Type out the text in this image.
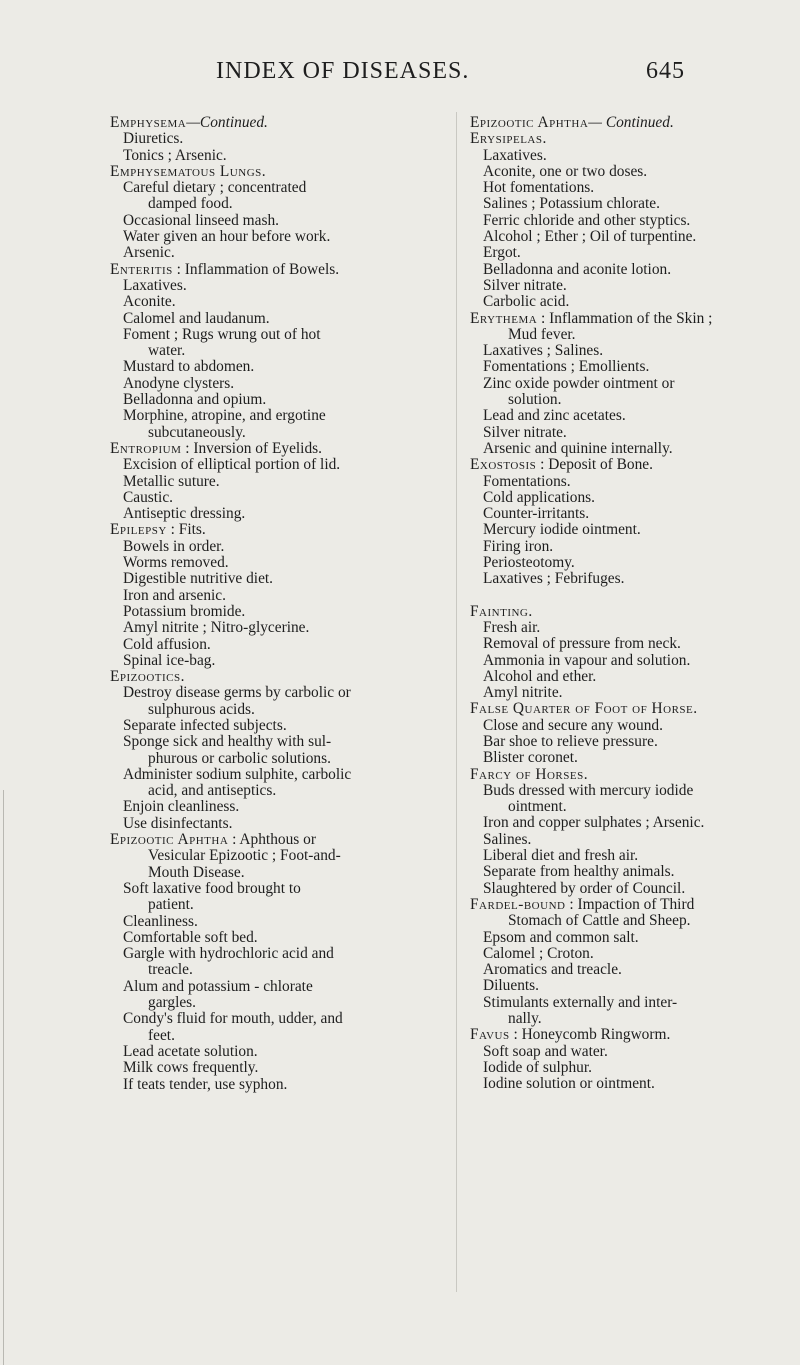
INDEX OF DISEASES.	645
Emphysema—Continued.
Diuretics.
Tonics ; Arsenic.
Emphysematous Lungs.
Careful dietary ; concentrated
damped food.
Occasional linseed mash.
Water given an hour before work.
Arsenic.
Enteritis : Inflammation of Bowels.
Laxatives.
Aconite.
Calomel and laudanum.
Foment ; Rugs wrung out of hot
water.
Mustard to abdomen.
Anodyne clysters.
Belladonna and opium.
Morphine, atropine, and ergotine
subcutaneously.
Entropium : Inversion of Eyelids.
Excision of elliptical portion of lid.
Metallic suture.
Caustic.
Antiseptic dressing.
Epilepsy : Fits.
Bowels in order.
Worms removed.
Digestible nutritive diet.
Iron and arsenic.
Potassium bromide.
Amyl nitrite ; Nitro-glycerine.
Cold affusion.
Spinal ice-bag.
Epizootics.
Destroy disease germs by carbolic or
sulphurous acids.
Separate infected subjects.
Sponge sick and healthy with sul-
phurous or carbolic solutions.
Administer sodium sulphite, carbolic
acid, and antiseptics.
Enjoin cleanliness.
Use disinfectants.
Epizootic Aphtha : Aphthous or
Vesicular Epizootic ; Foot-and-
Mouth Disease.
Soft laxative food brought to
patient.
Cleanliness.
Comfortable soft bed.
Gargle with hydrochloric acid and
treacle.
Alum and potassium - chlorate
gargles.
Condy's fluid for mouth, udder, and
feet.
Lead acetate solution.
Milk cows frequently.
If teats tender, use syphon.
Epizootic Aphtha— Continued.
Erysipelas.
Laxatives.
Aconite, one or two doses.
Hot fomentations.
Salines ; Potassium chlorate.
Ferric chloride and other styptics.
Alcohol ; Ether ; Oil of turpentine.
Ergot.
Belladonna and aconite lotion.
Silver nitrate.
Carbolic acid.
Erythema : Inflammation of the Skin ;
Mud fever.
Laxatives ; Salines.
Fomentations ; Emollients.
Zinc oxide powder ointment or
solution.
Lead and zinc acetates.
Silver nitrate.
Arsenic and quinine internally.
Exostosis : Deposit of Bone.
Fomentations.
Cold applications.
Counter-irritants.
Mercury iodide ointment.
Firing iron.
Periosteotomy.
Laxatives ; Febrifuges.
Fainting.
Fresh air.
Removal of pressure from neck.
Ammonia in vapour and solution.
Alcohol and ether.
Amyl nitrite.
False Quarter of Foot of Horse.
Close and secure any wound.
Bar shoe to relieve pressure.
Blister coronet.
Farcy of Horses.
Buds dressed with mercury iodide
ointment.
Iron and copper sulphates ; Arsenic.
Salines.
Liberal diet and fresh air.
Separate from healthy animals.
Slaughtered by order of Council.
Fardel-bound : Impaction of Third
Stomach of Cattle and Sheep.
Epsom and common salt.
Calomel ; Croton.
Aromatics and treacle.
Diluents.
Stimulants externally and inter-
nally.
Favus : Honeycomb Ringworm.
Soft soap and water.
Iodide of sulphur.
Iodine solution or ointment.
